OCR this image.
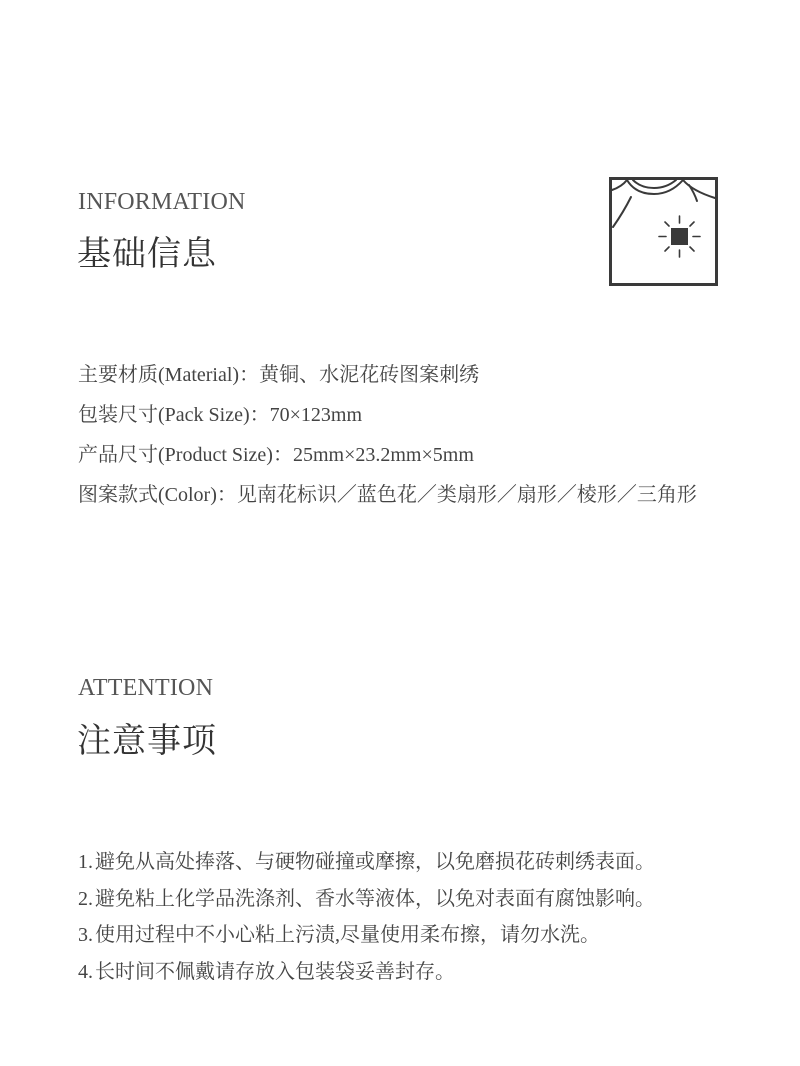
INFORMATION
基础信息
主要材质(Material)：黄铜、水泥花砖图案刺绣
包装尺寸(Pack Size)：70×123mm
产品尺寸(Product Size)：25mm×23.2mm×5mm
图案款式(Color)：见南花标识／蓝色花／类扇形／扇形／棱形／三角形
ATTENTION
注意事项
1. 避免从高处捧落、与硬物碰撞或摩擦，以免磨损花砖刺绣表面。
2. 避免粘上化学品洗涤剂、香水等液体，以免对表面有腐蚀影响。
3. 使用过程中不小心粘上污渍,尽量使用柔布擦，请勿水洗。
4. 长时间不佩戴请存放入包装袋妥善封存。
